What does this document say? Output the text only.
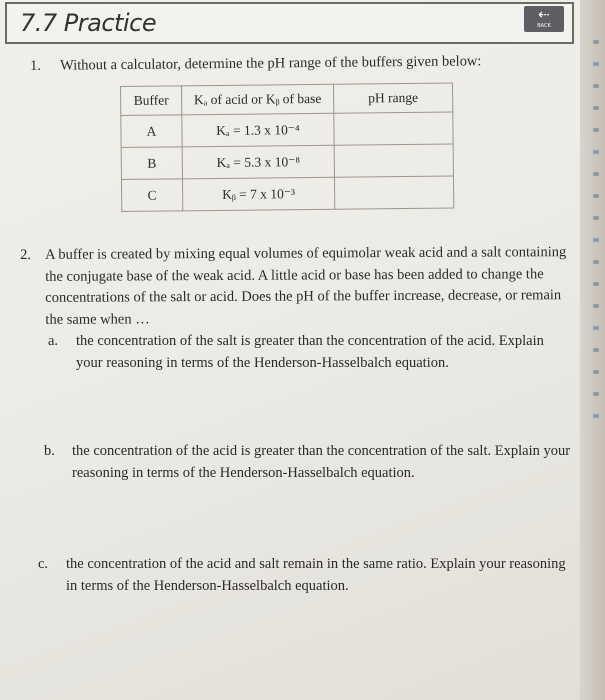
7.7 Practice	⇠
BACK
1. Without a calculator, determine the pH range of the buffers given below:
Buffer	Kₐ of acid or Kᵦ of base	pH range
A	Kₐ = 1.3 x 10⁻⁴	
B	Kₐ = 5.3 x 10⁻⁸	
C	Kᵦ = 7 x 10⁻³	
2. A buffer is created by mixing equal volumes of equimolar weak acid and a salt containing the conjugate base of the weak acid. A little acid or base has been added to change the concentrations of the salt or acid. Does the pH of the buffer increase, decrease, or remain the same when …
a. the concentration of the salt is greater than the concentration of the acid. Explain your reasoning in terms of the Henderson-Hasselbalch equation.
b. the concentration of the acid is greater than the concentration of the salt. Explain your reasoning in terms of the Henderson-Hasselbalch equation.
c. the concentration of the acid and salt remain in the same ratio. Explain your reasoning in terms of the Henderson-Hasselbalch equation.
